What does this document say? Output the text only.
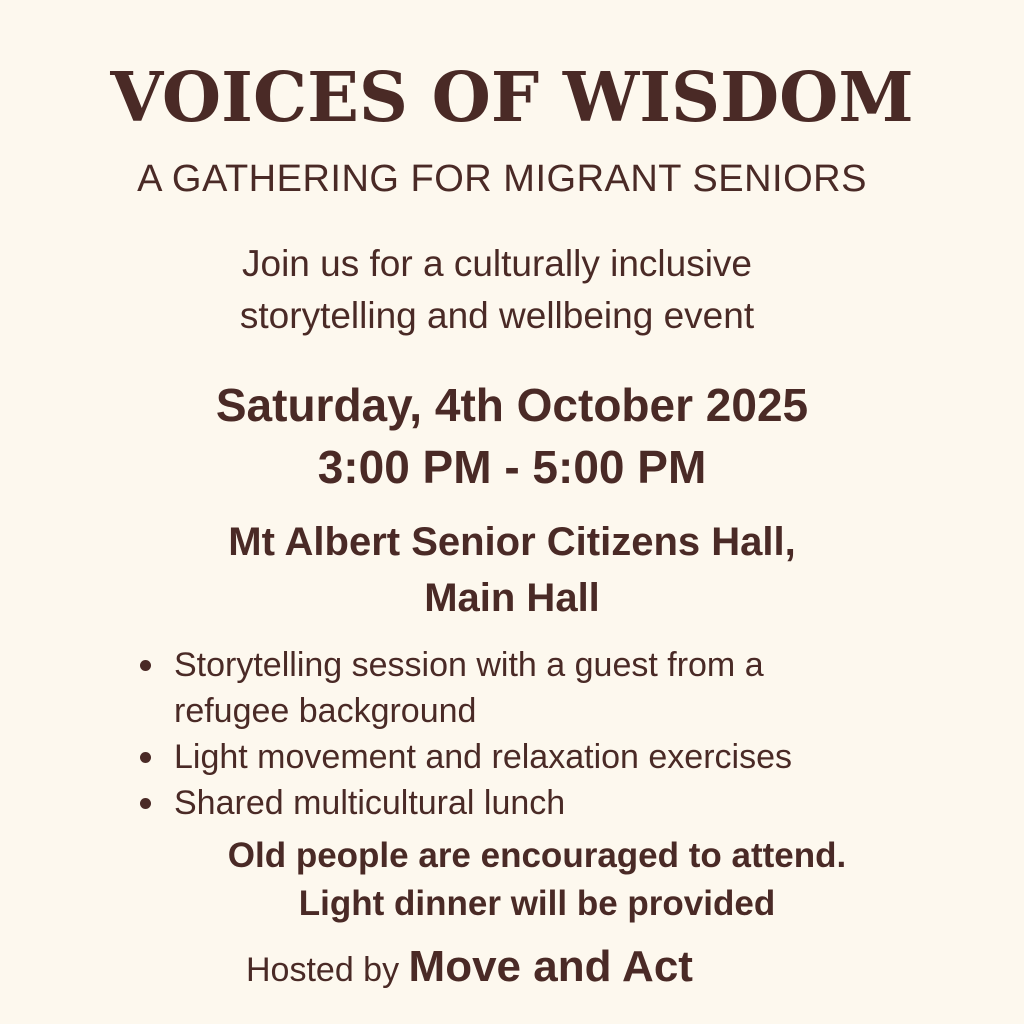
VOICES OF WISDOM
A GATHERING FOR MIGRANT SENIORS

Join us for a culturally inclusive
storytelling and wellbeing event

Saturday, 4th October 2025
3:00 PM - 5:00 PM
Mt Albert Senior Citizens Hall,
Main Hall
Storytelling session with a guest from a refugee background
Light movement and relaxation exercises
Shared multicultural lunch
Old people are encouraged to attend.
Light dinner will be provided
Hosted by Move and Act
